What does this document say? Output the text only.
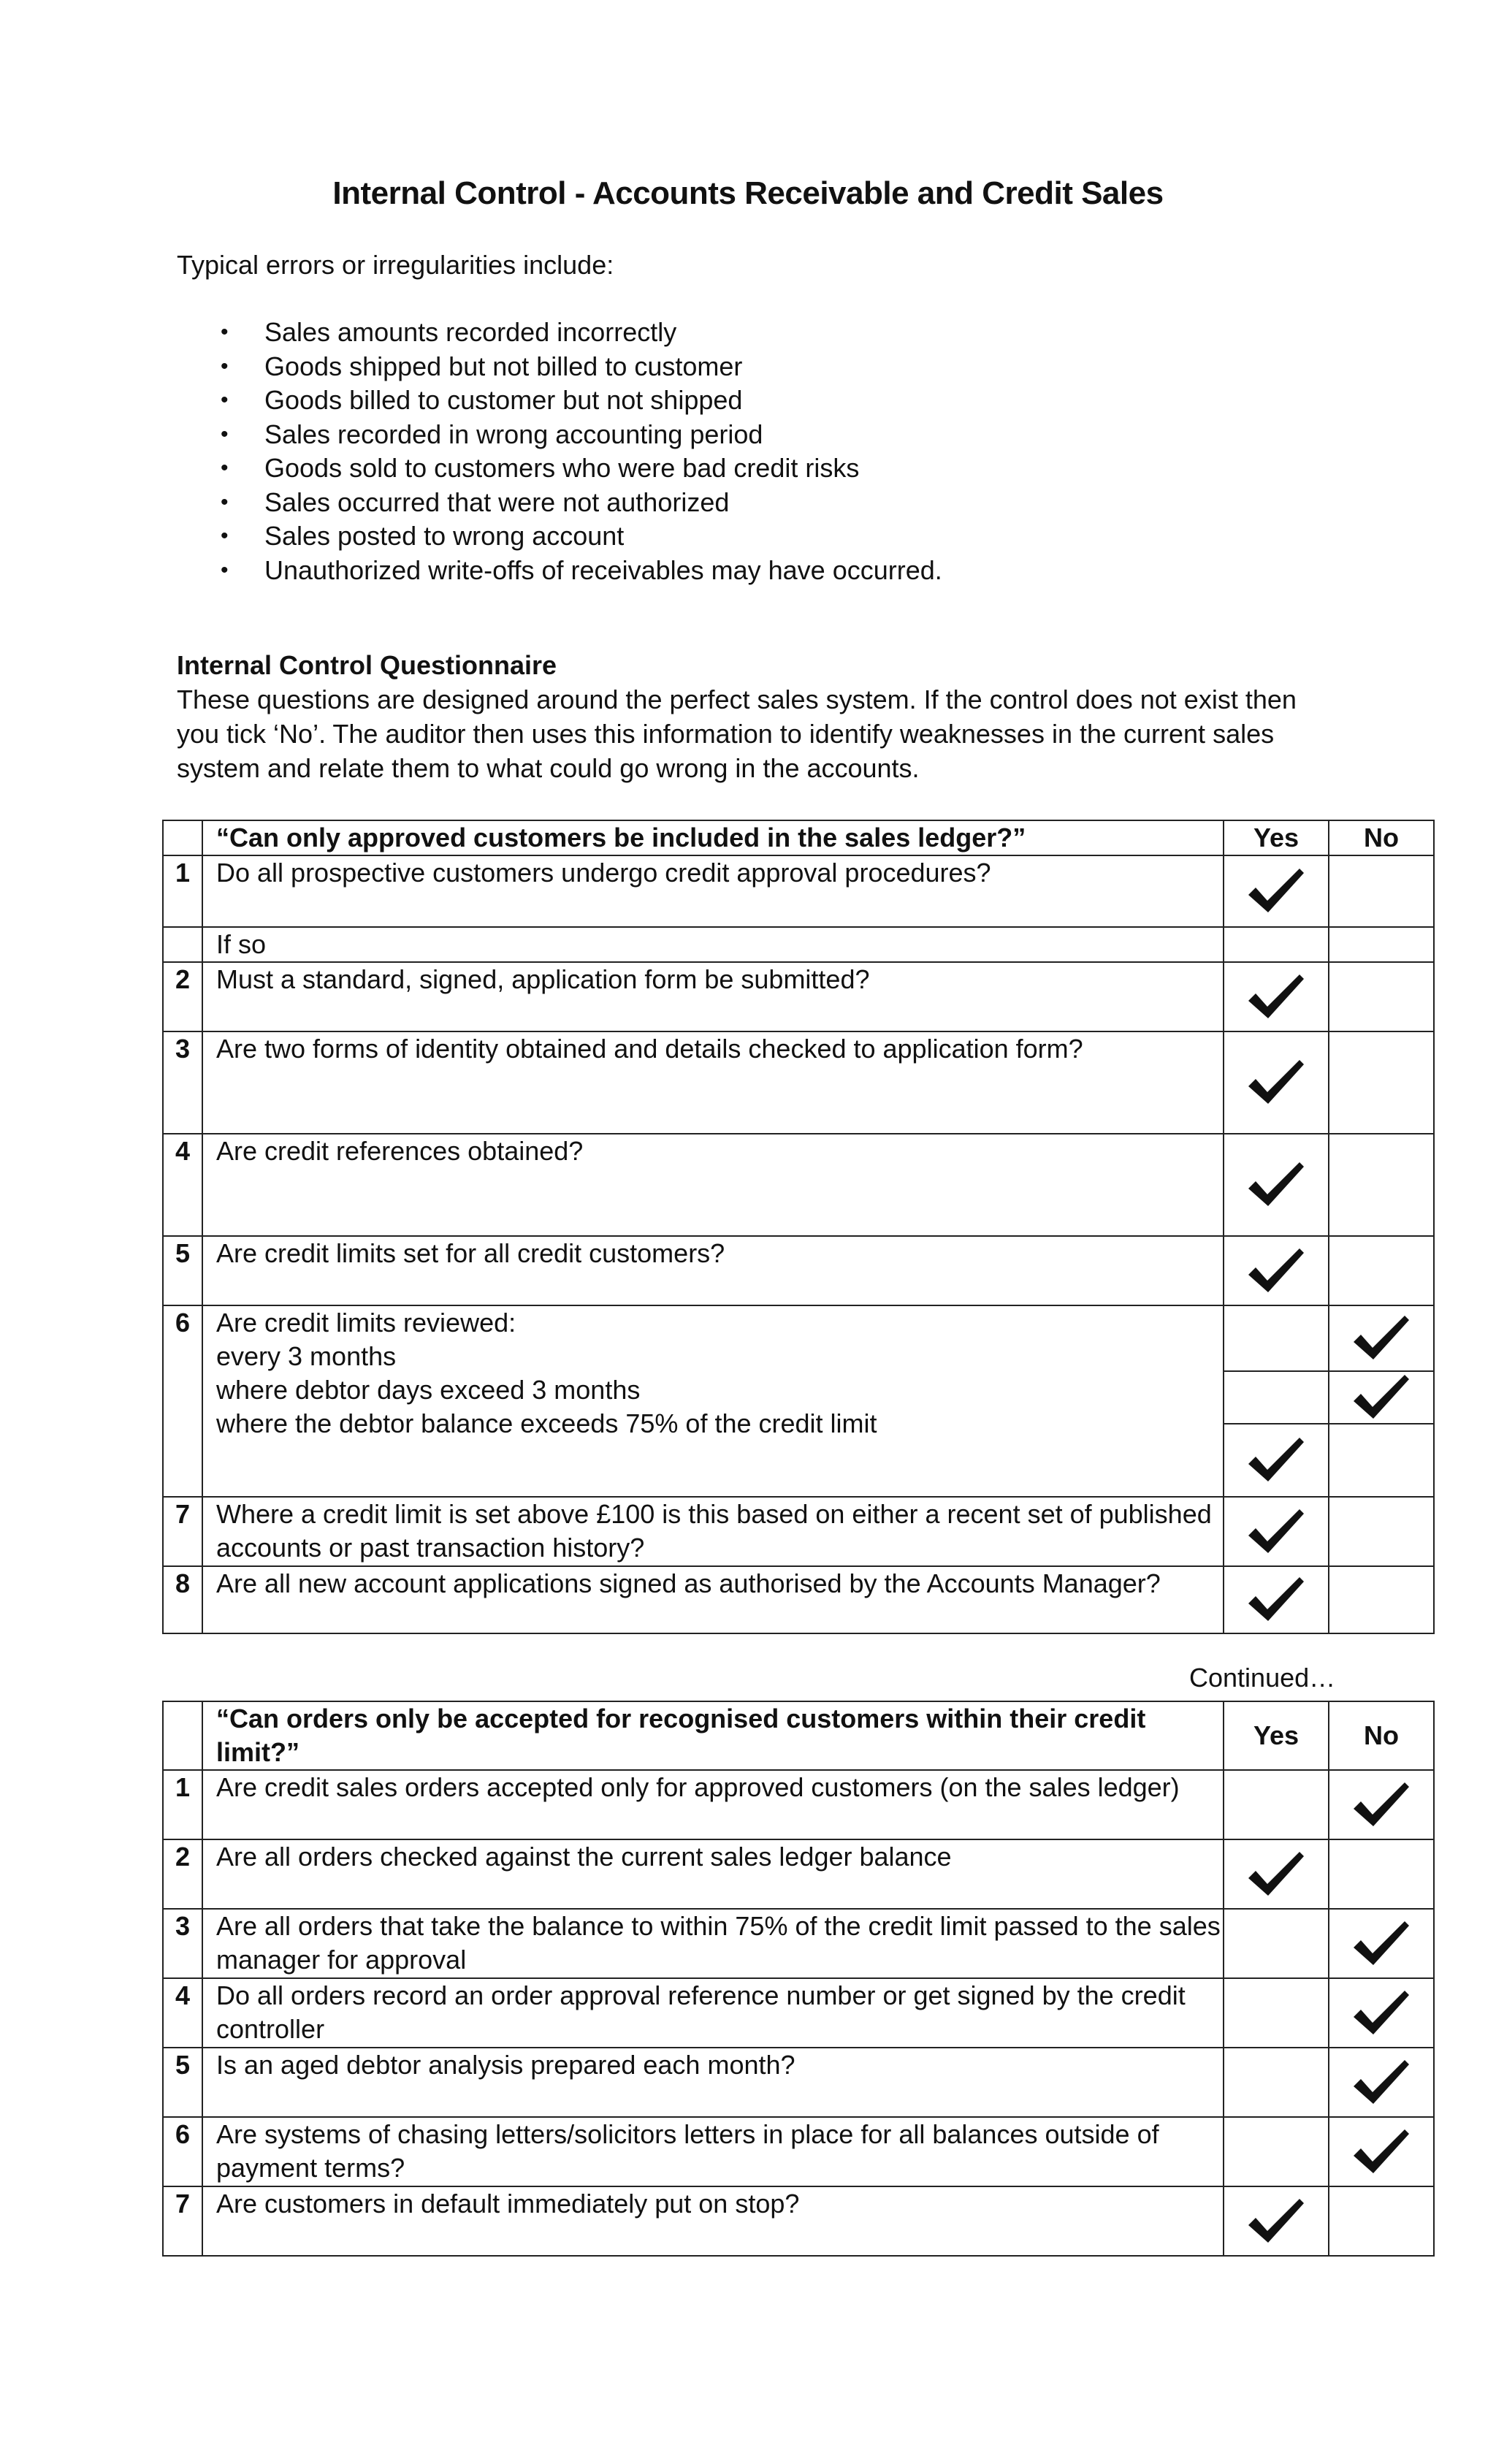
Internal Control - Accounts Receivable and Credit Sales
Typical errors or irregularities include:
• Sales amounts recorded incorrectly
• Goods shipped but not billed to customer
• Goods billed to customer but not shipped
• Sales recorded in wrong accounting period
• Goods sold to customers who were bad credit risks
• Sales occurred that were not authorized
• Sales posted to wrong account
• Unauthorized write-offs of receivables may have occurred.
Internal Control Questionnaire
These questions are designed around the perfect sales system. If the control does not exist then you tick ‘No’. The auditor then uses this information to identify weaknesses in the current sales system and relate them to what could go wrong in the accounts.
	“Can only approved customers be included in the sales ledger?”	Yes	No
1	Do all prospective customers undergo credit approval procedures?	

	If so		
2	Must a standard, signed, application form be submitted?	

3	Are two forms of identity obtained and details checked to application form?	

4	Are credit references obtained?	

5	Are credit limits set for all credit customers?	

6	Are credit limits reviewed:
every 3 months
where debtor days exceed 3 months
where the debtor balance exceeds 75% of the credit limit

7	Where a credit limit is set above £100 is this based on either a recent set of published accounts or past transaction history?	

8	Are all new account applications signed as authorised by the Accounts Manager?	

Continued…
	“Can orders only be accepted for recognised customers within their credit limit?”	Yes	No
1	Are credit sales orders accepted only for approved customers (on the sales ledger)		

2	Are all orders checked against the current sales ledger balance	

3	Are all orders that take the balance to within 75% of the credit limit passed to the sales manager for approval		

4	Do all orders record an order approval reference number or get signed by the credit controller		

5	Is an aged debtor analysis prepared each month?		

6	Are systems of chasing letters/solicitors letters in place for all balances outside of payment terms?		

7	Are customers in default immediately put on stop?	
